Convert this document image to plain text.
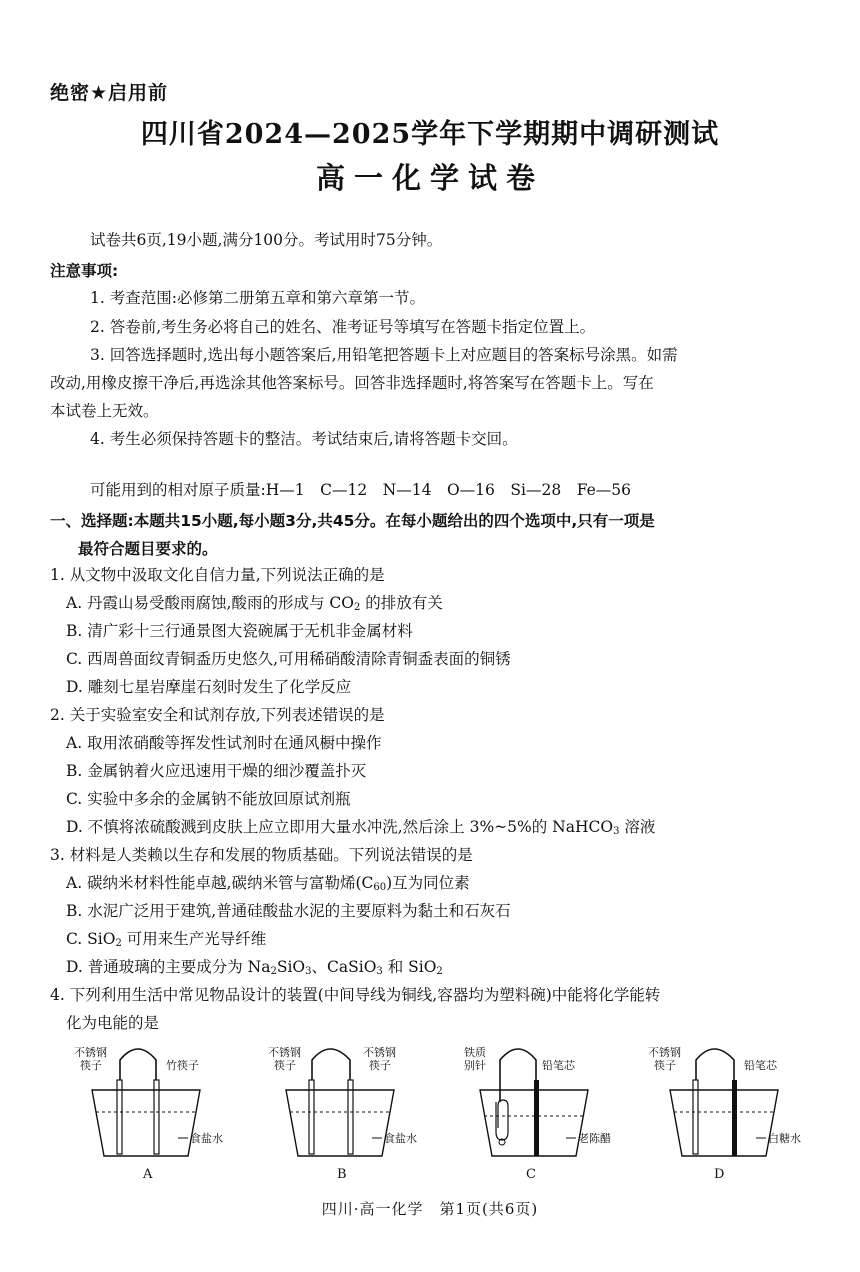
绝密★启用前
四川省2024—2025学年下学期期中调研测试
高一化学试卷
试卷共6页,19小题,满分100分。考试用时75分钟。
注意事项:
1. 考查范围:必修第二册第五章和第六章第一节。
2. 答卷前,考生务必将自己的姓名、准考证号等填写在答题卡指定位置上。
3. 回答选择题时,选出每小题答案后,用铅笔把答题卡上对应题目的答案标号涂黑。如需
改动,用橡皮擦干净后,再选涂其他答案标号。回答非选择题时,将答案写在答题卡上。写在
本试卷上无效。
4. 考生必须保持答题卡的整洁。考试结束后,请将答题卡交回。
可能用到的相对原子质量:H—1　C—12　N—14　O—16　Si—28　Fe—56
一、选择题:本题共15小题,每小题3分,共45分。在每小题给出的四个选项中,只有一项是
最符合题目要求的。
1. 从文物中汲取文化自信力量,下列说法正确的是
A. 丹霞山易受酸雨腐蚀,酸雨的形成与 $CO_2$ 的排放有关
B. 清广彩十三行通景图大瓷碗属于无机非金属材料
C. 西周兽面纹青铜盉历史悠久,可用稀硝酸清除青铜盉表面的铜锈
D. 雕刻七星岩摩崖石刻时发生了化学反应
2. 关于实验室安全和试剂存放,下列表述错误的是
A. 取用浓硝酸等挥发性试剂时在通风橱中操作
B. 金属钠着火应迅速用干燥的细沙覆盖扑灭
C. 实验中多余的金属钠不能放回原试剂瓶
D. 不慎将浓硫酸溅到皮肤上应立即用大量水冲洗,然后涂上 3%~5%的 NaHCO$_3$ 溶液
3. 材料是人类赖以生存和发展的物质基础。下列说法错误的是
A. 碳纳米材料性能卓越,碳纳米管与富勒烯$(C_{60})$互为同位素
B. 水泥广泛用于建筑,普通硅酸盐水泥的主要原料为黏土和石灰石
C. SiO$_2$ 可用来生产光导纤维
D. 普通玻璃的主要成分为 $Na_2SiO_3$、CaSiO$_3$ 和 SiO$_2$
4. 下列利用生活中常见物品设计的装置(中间导线为铜线,容器均为塑料碗)中能将化学能转
化为电能的是
不锈钢
筷子	竹筷子
食盐水
A
不锈钢
筷子
不锈钢
筷子
食盐水
B
铁质
别针	铅笔芯
老陈醋
C
不锈钢
筷子	铅笔芯
白糖水
D
四川·高一化学　第1页(共6页)
